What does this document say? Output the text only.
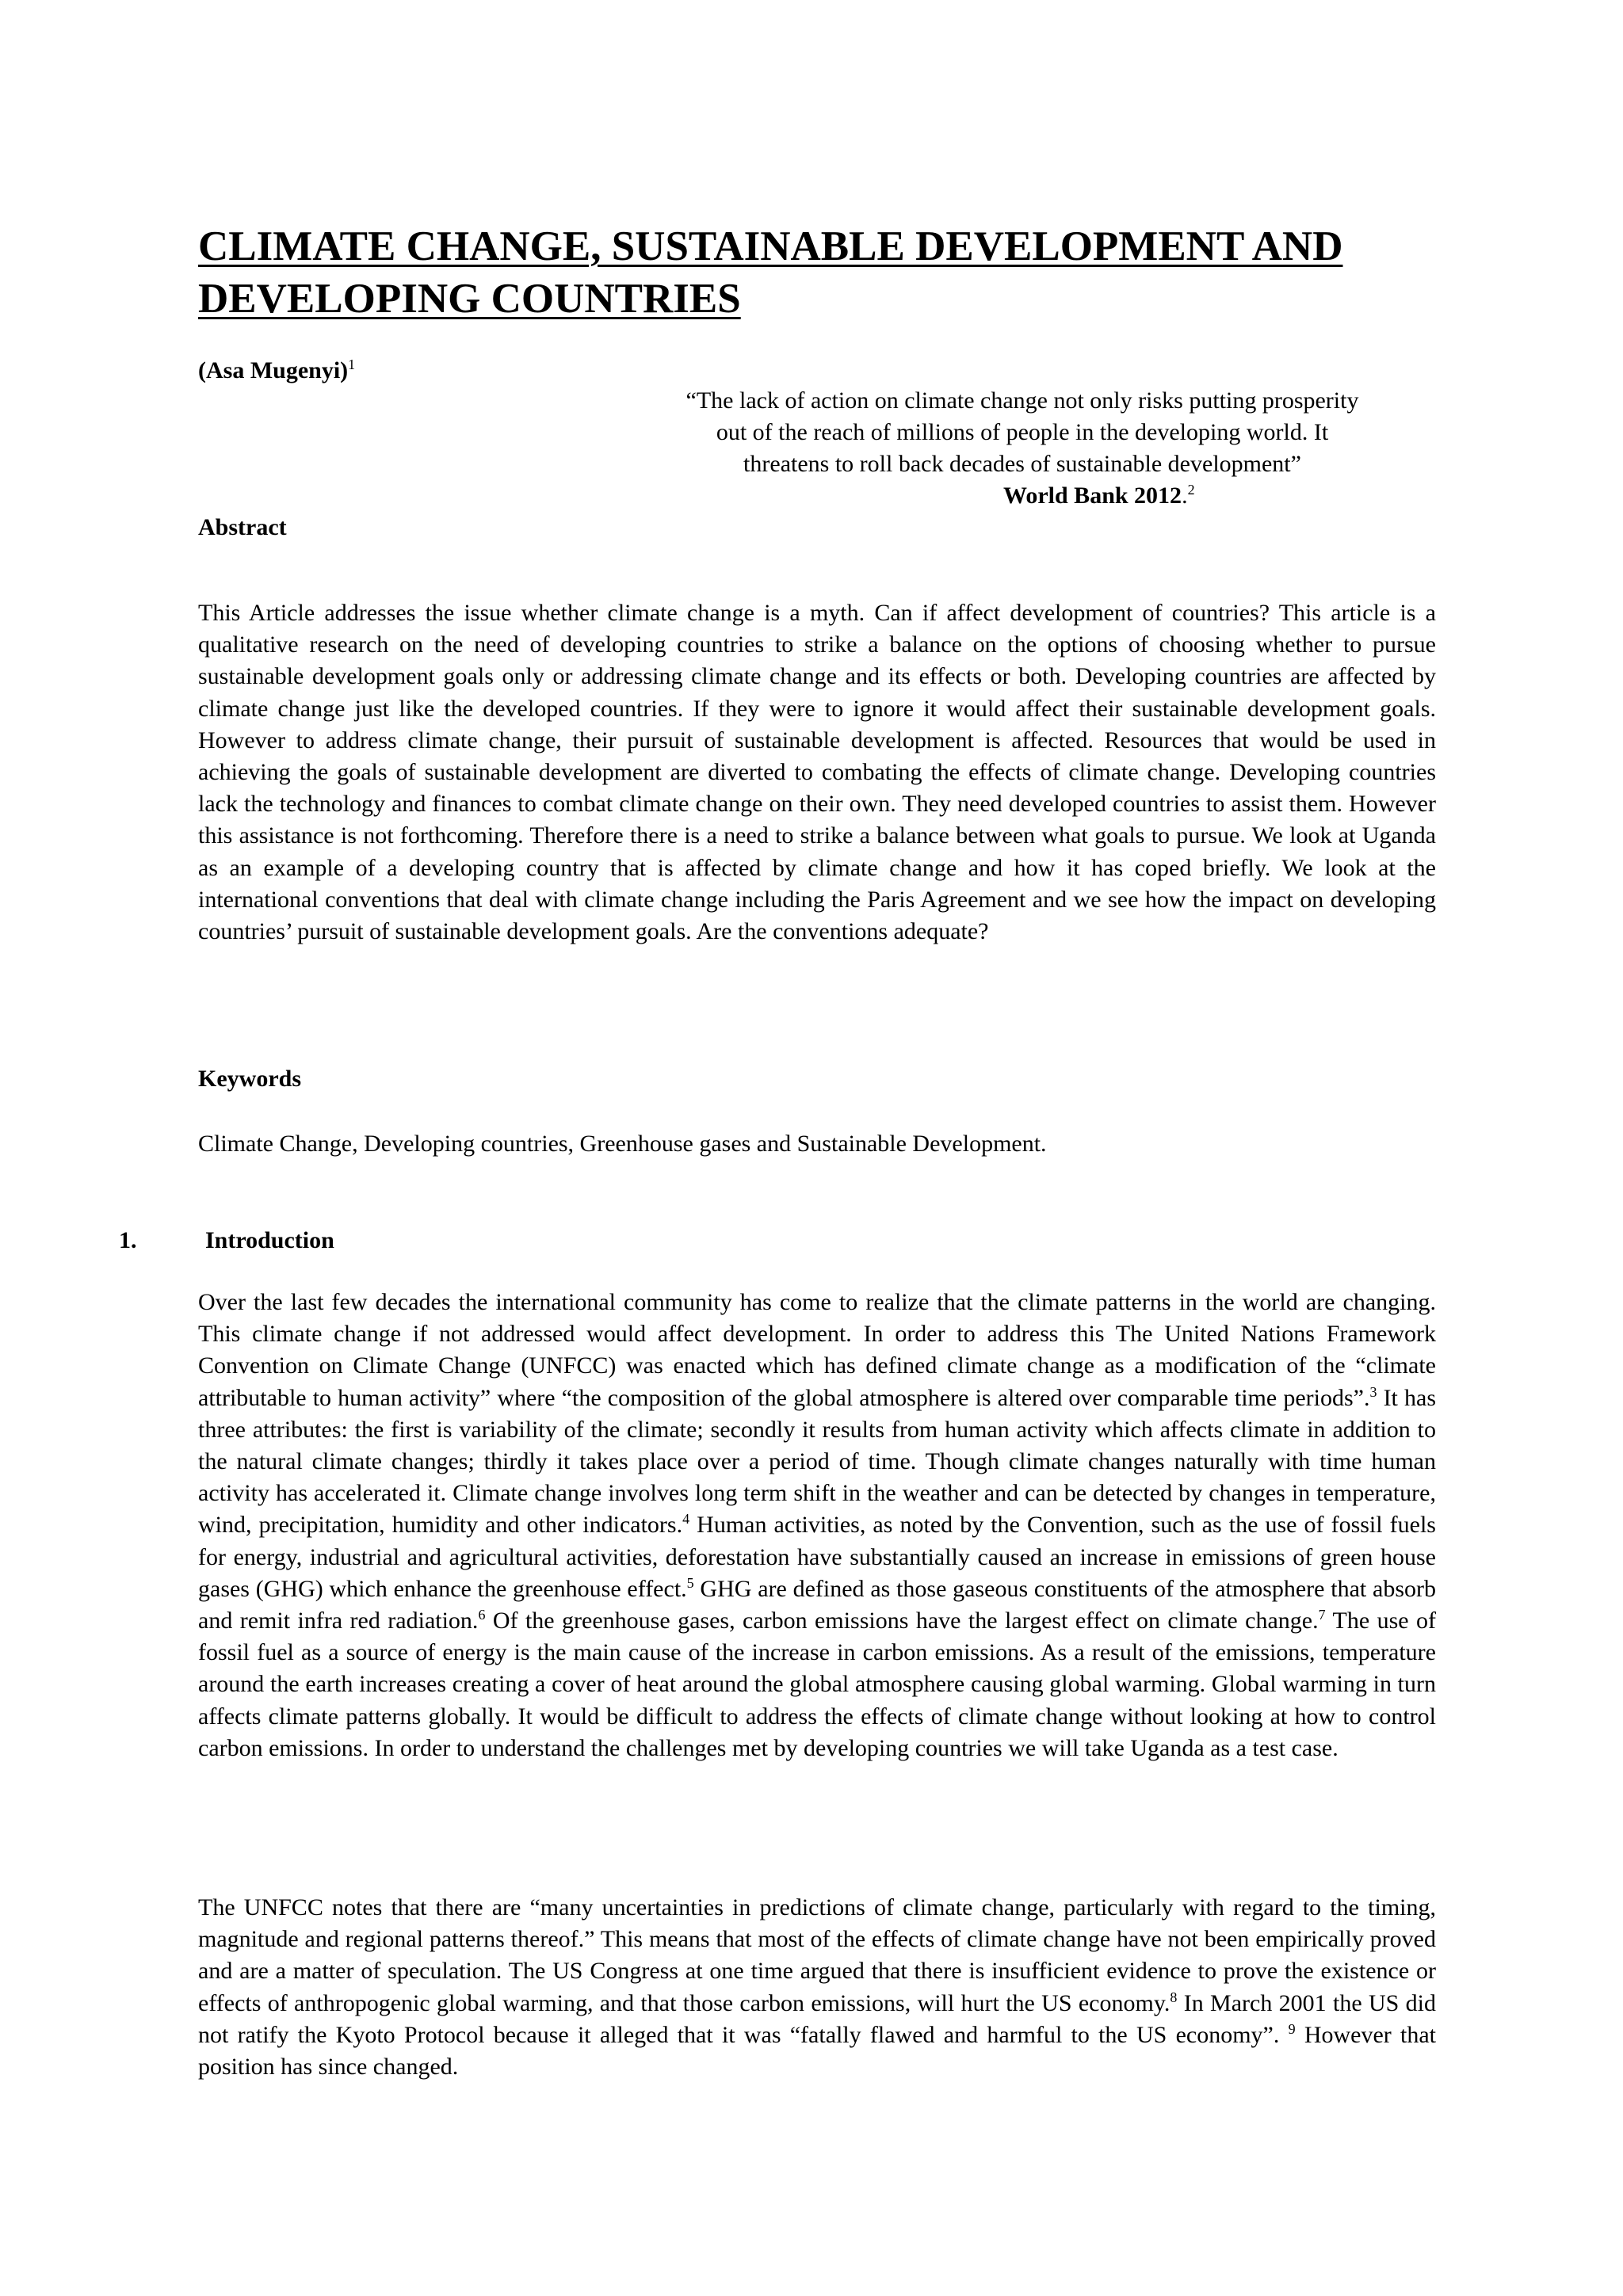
CLIMATE CHANGE, SUSTAINABLE DEVELOPMENT AND DEVELOPING COUNTRIES
(Asa Mugenyi)$^1$
“The lack of action on climate change not only risks putting prosperity
out of the reach of millions of people in the developing world. It
threatens to roll back decades of sustainable development”
World Bank 2012.$^2$
Abstract

This Article addresses the issue whether climate change is a myth. Can if affect development of countries? This article is a qualitative research on the need of developing countries to strike a balance on the options of choosing whether to pursue sustainable development goals only or addressing climate change and its effects or both. Developing countries are affected by climate change just like the developed countries. If they were to ignore it would affect their sustainable development goals. However to address climate change, their pursuit of sustainable development is affected. Resources that would be used in achieving the goals of sustainable development are diverted to combating the effects of climate change. Developing countries lack the technology and finances to combat climate change on their own. They need developed countries to assist them. However this assistance is not forthcoming. Therefore there is a need to strike a balance between what goals to pursue. We look at Uganda as an example of a developing country that is affected by climate change and how it has coped briefly. We look at the international conventions that deal with climate change including the Paris Agreement and we see how the impact on developing countries’ pursuit of sustainable development goals. Are the conventions adequate?

Keywords

Climate Change, Developing countries, Greenhouse gases and Sustainable Development.

1.	Introduction

Over the last few decades the international community has come to realize that the climate patterns in the world are changing. This climate change if not addressed would affect development. In order to address this The United Nations Framework Convention on Climate Change (UNFCC) was enacted which has defined climate change as a modification of the “climate attributable to human activity” where “the composition of the global atmosphere is altered over comparable time periods”.$^3$ It has three attributes: the first is variability of the climate; secondly it results from human activity which affects climate in addition to the natural climate changes; thirdly it takes place over a period of time. Though climate changes naturally with time human activity has accelerated it. Climate change involves long term shift in the weather and can be detected by changes in temperature, wind, precipitation, humidity and other indicators.$^4$ Human activities, as noted by the Convention, such as the use of fossil fuels for energy, industrial and agricultural activities, deforestation have substantially caused an increase in emissions of green house gases (GHG) which enhance the greenhouse effect.$^5$ GHG are defined as those gaseous constituents of the atmosphere that absorb and remit infra red radiation.$^6$ Of the greenhouse gases, carbon emissions have the largest effect on climate change.$^7$ The use of fossil fuel as a source of energy is the main cause of the increase in carbon emissions. As a result of the emissions, temperature around the earth increases creating a cover of heat around the global atmosphere causing global warming. Global warming in turn affects climate patterns globally. It would be difficult to address the effects of climate change without looking at how to control carbon emissions. In order to understand the challenges met by developing countries we will take Uganda as a test case.

The UNFCC notes that there are “many uncertainties in predictions of climate change, particularly with regard to the timing, magnitude and regional patterns thereof.” This means that most of the effects of climate change have not been empirically proved and are a matter of speculation. The US Congress at one time argued that there is insufficient evidence to prove the existence or effects of anthropogenic global warming, and that those carbon emissions, will hurt the US economy.$^8$ In March 2001 the US did not ratify the Kyoto Protocol because it alleged that it was “fatally flawed and harmful to the US economy”. $^9$ However that position has since changed.
